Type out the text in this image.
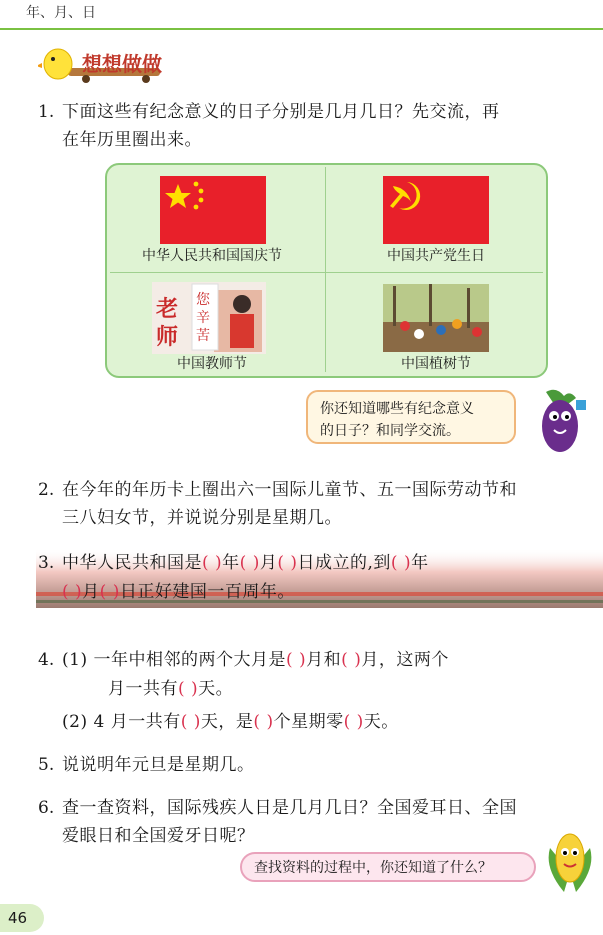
年、月、日
想想做做
1. 下面这些有纪念意义的日子分别是几月几日？先交流，再
在年历里圈出来。
中华人民共和国国庆节	中国共产党生日
老
师
您
辛
苦
中国教师节	中国植树节
你还知道哪些有纪念意义
的日子？和同学交流。
2. 在今年的年历卡上圈出六一国际儿童节、五一国际劳动节和
三八妇女节，并说说分别是星期几。
3. 中华人民共和国是( )年( )月( )日成立的,到( )年
( )月( )日正好建国一百周年。
4. (1) 一年中相邻的两个大月是( )月和( )月，这两个
月一共有( )天。
(2) 4 月一共有( )天，是( )个星期零( )天。
5. 说说明年元旦是星期几。
6. 查一查资料，国际残疾人日是几月几日？全国爱耳日、全国
爱眼日和全国爱牙日呢？
查找资料的过程中，你还知道了什么？
46
